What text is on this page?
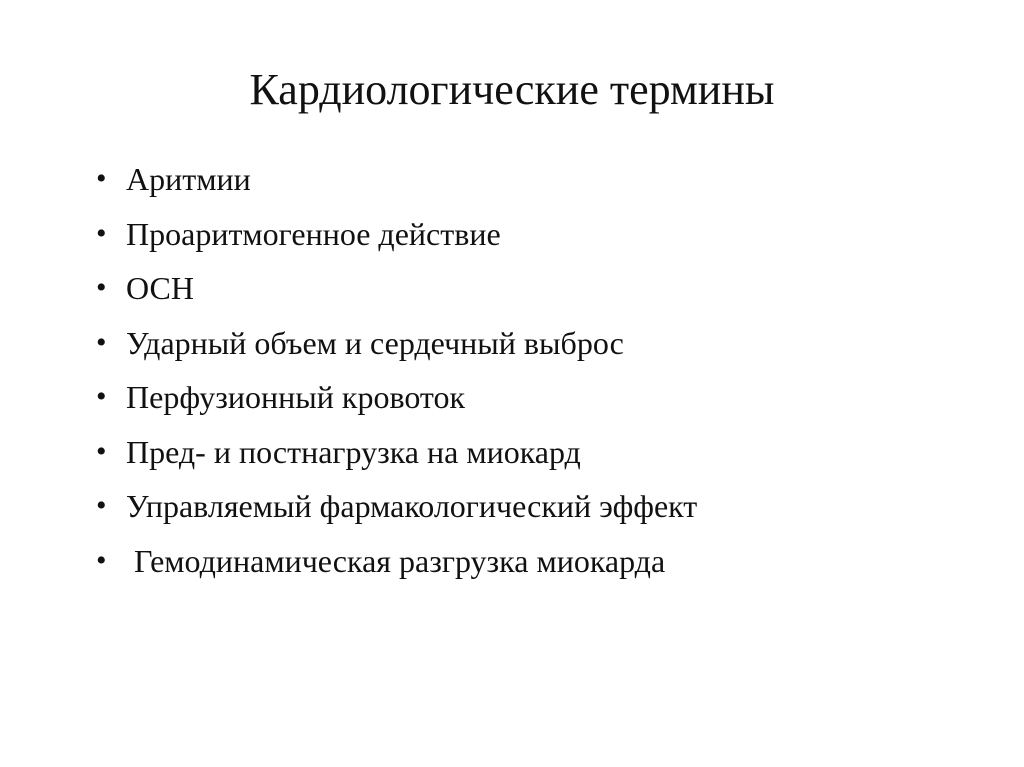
Кардиологические термины
• Аритмии
• Проаритмогенное действие
• ОСН
• Ударный объем и сердечный выброс
• Перфузионный кровоток
• Пред- и постнагрузка на миокард
• Управляемый фармакологический эффект
• Гемодинамическая разгрузка миокарда
